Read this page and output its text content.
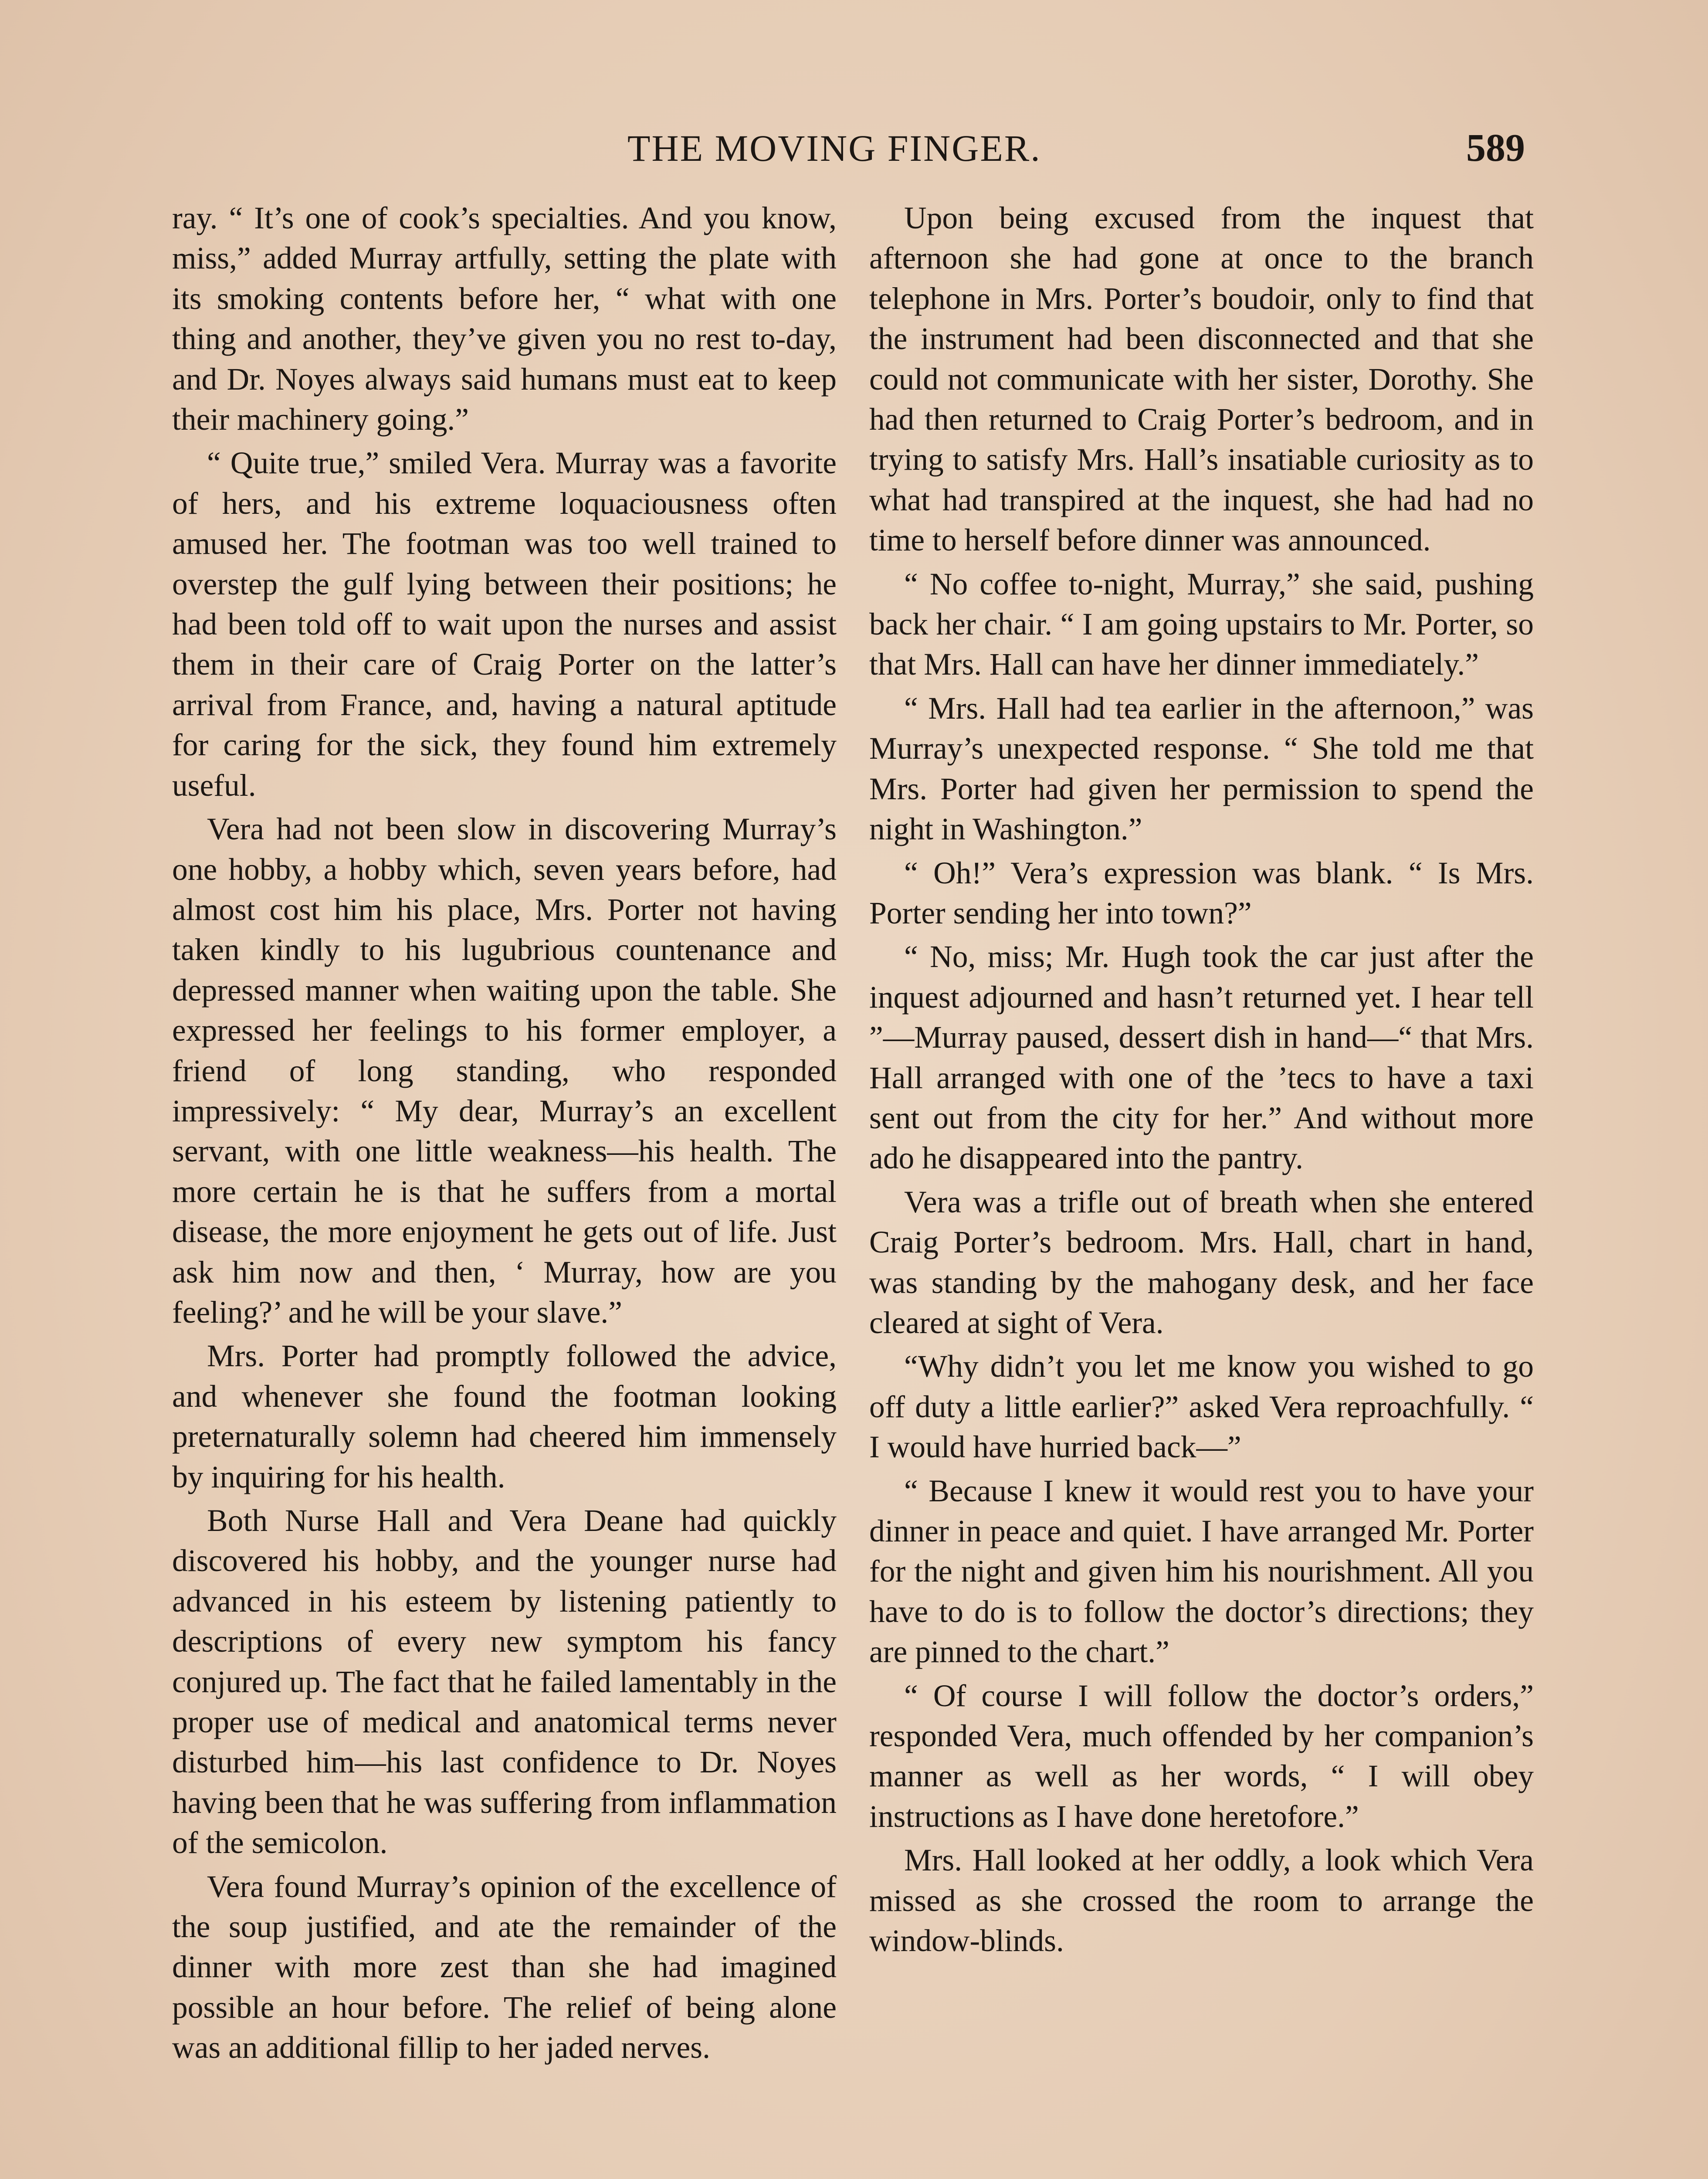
THE MOVING FINGER.	589

ray. “ It’s one of cook’s specialties. And you know, miss,” added Murray artfully, setting the plate with its smoking contents before her, “ what with one thing and another, they’ve given you no rest to-day, and Dr. Noyes always said humans must eat to keep their machinery going.”

“ Quite true,” smiled Vera. Murray was a favorite of hers, and his extreme loquaciousness often amused her. The footman was too well trained to overstep the gulf lying between their positions; he had been told off to wait upon the nurses and assist them in their care of Craig Porter on the latter’s arrival from France, and, having a natural aptitude for caring for the sick, they found him extremely useful.

Vera had not been slow in discovering Murray’s one hobby, a hobby which, seven years before, had almost cost him his place, Mrs. Porter not having taken kindly to his lugubrious countenance and depressed manner when waiting upon the table. She expressed her feelings to his former employer, a friend of long standing, who responded impressively: “ My dear, Murray’s an excellent servant, with one little weakness—his health. The more certain he is that he suffers from a mortal disease, the more enjoyment he gets out of life. Just ask him now and then, ‘ Murray, how are you feeling?’ and he will be your slave.”

Mrs. Porter had promptly followed the advice, and whenever she found the footman looking preternaturally solemn had cheered him immensely by inquiring for his health.

Both Nurse Hall and Vera Deane had quickly discovered his hobby, and the younger nurse had advanced in his esteem by listening patiently to descriptions of every new symptom his fancy conjured up. The fact that he failed lamentably in the proper use of medical and anatomical terms never disturbed him—his last confidence to Dr. Noyes having been that he was suffering from inflammation of the semicolon.

Vera found Murray’s opinion of the excellence of the soup justified, and ate the remainder of the dinner with more zest than she had imagined possible an hour before. The relief of being alone was an additional fillip to her jaded nerves.

Upon being excused from the inquest that afternoon she had gone at once to the branch telephone in Mrs. Porter’s boudoir, only to find that the instrument had been disconnected and that she could not communicate with her sister, Dorothy. She had then returned to Craig Porter’s bedroom, and in trying to satisfy Mrs. Hall’s insatiable curiosity as to what had transpired at the inquest, she had had no time to herself before dinner was announced.

“ No coffee to-night, Murray,” she said, pushing back her chair. “ I am going upstairs to Mr. Porter, so that Mrs. Hall can have her dinner immediately.”

“ Mrs. Hall had tea earlier in the afternoon,” was Murray’s unexpected response. “ She told me that Mrs. Porter had given her permission to spend the night in Washington.”

“ Oh!” Vera’s expression was blank. “ Is Mrs. Porter sending her into town?”

“ No, miss; Mr. Hugh took the car just after the inquest adjourned and hasn’t returned yet. I hear tell ”—Murray paused, dessert dish in hand—“ that Mrs. Hall arranged with one of the ’tecs to have a taxi sent out from the city for her.” And without more ado he disappeared into the pantry.

Vera was a trifle out of breath when she entered Craig Porter’s bedroom. Mrs. Hall, chart in hand, was standing by the mahogany desk, and her face cleared at sight of Vera.

“Why didn’t you let me know you wished to go off duty a little earlier?” asked Vera reproachfully. “ I would have hurried back—”

“ Because I knew it would rest you to have your dinner in peace and quiet. I have arranged Mr. Porter for the night and given him his nourishment. All you have to do is to follow the doctor’s directions; they are pinned to the chart.”

“ Of course I will follow the doctor’s orders,” responded Vera, much offended by her companion’s manner as well as her words, “ I will obey instructions as I have done heretofore.”

Mrs. Hall looked at her oddly, a look which Vera missed as she crossed the room to arrange the window-blinds.
